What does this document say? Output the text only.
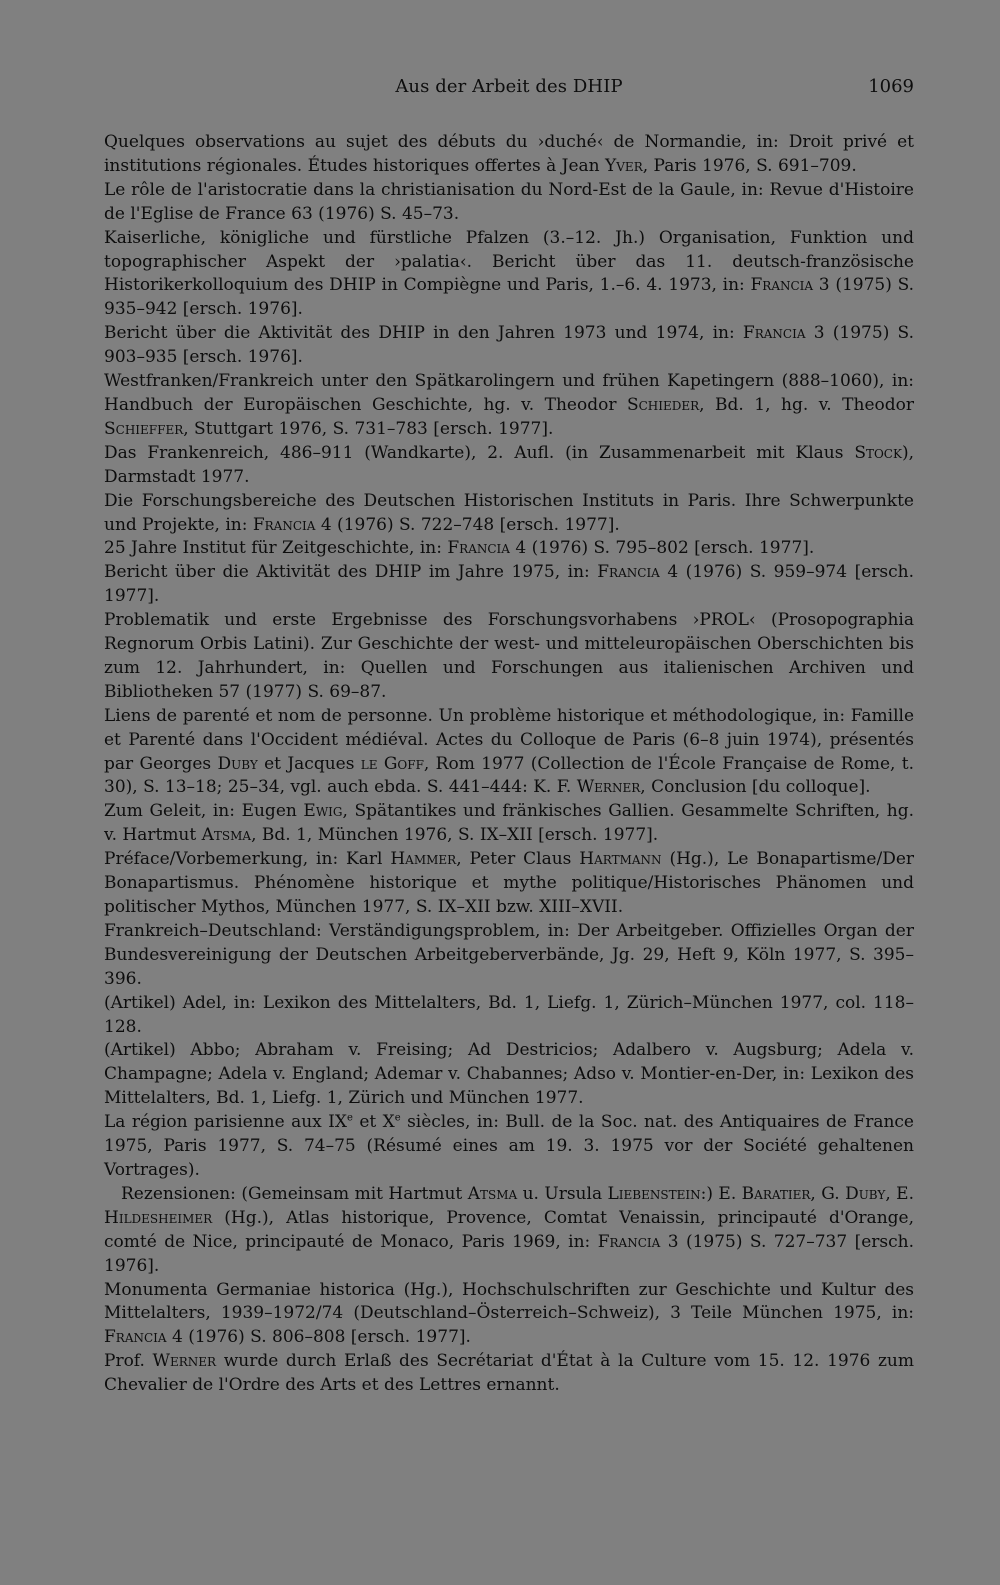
Aus der Arbeit des DHIP	1069

Quelques observations au sujet des débuts du ›duché‹ de Normandie, in: Droit privé et institutions régionales. Études historiques offertes à Jean Yver, Paris 1976, S. 691–709.

Le rôle de l'aristocratie dans la christianisation du Nord-Est de la Gaule, in: Revue d'Histoire de l'Eglise de France 63 (1976) S. 45–73.

Kaiserliche, königliche und fürstliche Pfalzen (3.–12. Jh.) Organisation, Funktion und topographischer Aspekt der ›palatia‹. Bericht über das 11. deutsch-französische Historikerkolloquium des DHIP in Compiègne und Paris, 1.–6. 4. 1973, in: Francia 3 (1975) S. 935–942 [ersch. 1976].

Bericht über die Aktivität des DHIP in den Jahren 1973 und 1974, in: Francia 3 (1975) S. 903–935 [ersch. 1976].

Westfranken/Frankreich unter den Spätkarolingern und frühen Kapetingern (888–1060), in: Handbuch der Europäischen Geschichte, hg. v. Theodor Schieder, Bd. 1, hg. v. Theodor Schieffer, Stuttgart 1976, S. 731–783 [ersch. 1977].

Das Frankenreich, 486–911 (Wandkarte), 2. Aufl. (in Zusammenarbeit mit Klaus Stock), Darmstadt 1977.

Die Forschungsbereiche des Deutschen Historischen Instituts in Paris. Ihre Schwerpunkte und Projekte, in: Francia 4 (1976) S. 722–748 [ersch. 1977].

25 Jahre Institut für Zeitgeschichte, in: Francia 4 (1976) S. 795–802 [ersch. 1977].

Bericht über die Aktivität des DHIP im Jahre 1975, in: Francia 4 (1976) S. 959–974 [ersch. 1977].

Problematik und erste Ergebnisse des Forschungsvorhabens ›PROL‹ (Prosopographia Regnorum Orbis Latini). Zur Geschichte der west- und mitteleuropäischen Oberschichten bis zum 12. Jahrhundert, in: Quellen und Forschungen aus italienischen Archiven und Bibliotheken 57 (1977) S. 69–87.

Liens de parenté et nom de personne. Un problème historique et méthodologique, in: Famille et Parenté dans l'Occident médiéval. Actes du Colloque de Paris (6–8 juin 1974), présentés par Georges Duby et Jacques le Goff, Rom 1977 (Collection de l'École Française de Rome, t. 30), S. 13–18; 25–34, vgl. auch ebda. S. 441–444: K. F. Werner, Conclusion [du colloque].

Zum Geleit, in: Eugen Ewig, Spätantikes und fränkisches Gallien. Gesammelte Schriften, hg. v. Hartmut Atsma, Bd. 1, München 1976, S. IX–XII [ersch. 1977].

Préface/Vorbemerkung, in: Karl Hammer, Peter Claus Hartmann (Hg.), Le Bonapartisme/Der Bonapartismus. Phénomène historique et mythe politique/Historisches Phänomen und politischer Mythos, München 1977, S. IX–XII bzw. XIII–XVII.

Frankreich–Deutschland: Verständigungsproblem, in: Der Arbeitgeber. Offizielles Organ der Bundesvereinigung der Deutschen Arbeitgeberverbände, Jg. 29, Heft 9, Köln 1977, S. 395–396.

(Artikel) Adel, in: Lexikon des Mittelalters, Bd. 1, Liefg. 1, Zürich–München 1977, col. 118–128.

(Artikel) Abbo; Abraham v. Freising; Ad Destricios; Adalbero v. Augsburg; Adela v. Champagne; Adela v. England; Ademar v. Chabannes; Adso v. Montier-en-Der, in: Lexikon des Mittelalters, Bd. 1, Liefg. 1, Zürich und München 1977.

La région parisienne aux IXe et Xe siècles, in: Bull. de la Soc. nat. des Antiquaires de France 1975, Paris 1977, S. 74–75 (Résumé eines am 19. 3. 1975 vor der Société gehaltenen Vortrages).

Rezensionen: (Gemeinsam mit Hartmut Atsma u. Ursula Liebenstein:) E. Baratier, G. Duby, E. Hildesheimer (Hg.), Atlas historique, Provence, Comtat Venaissin, principauté d'Orange, comté de Nice, principauté de Monaco, Paris 1969, in: Francia 3 (1975) S. 727–737 [ersch. 1976].

Monumenta Germaniae historica (Hg.), Hochschulschriften zur Geschichte und Kultur des Mittelalters, 1939–1972/74 (Deutschland–Österreich–Schweiz), 3 Teile München 1975, in: Francia 4 (1976) S. 806–808 [ersch. 1977].

Prof. Werner wurde durch Erlaß des Secrétariat d'État à la Culture vom 15. 12. 1976 zum Chevalier de l'Ordre des Arts et des Lettres ernannt.
